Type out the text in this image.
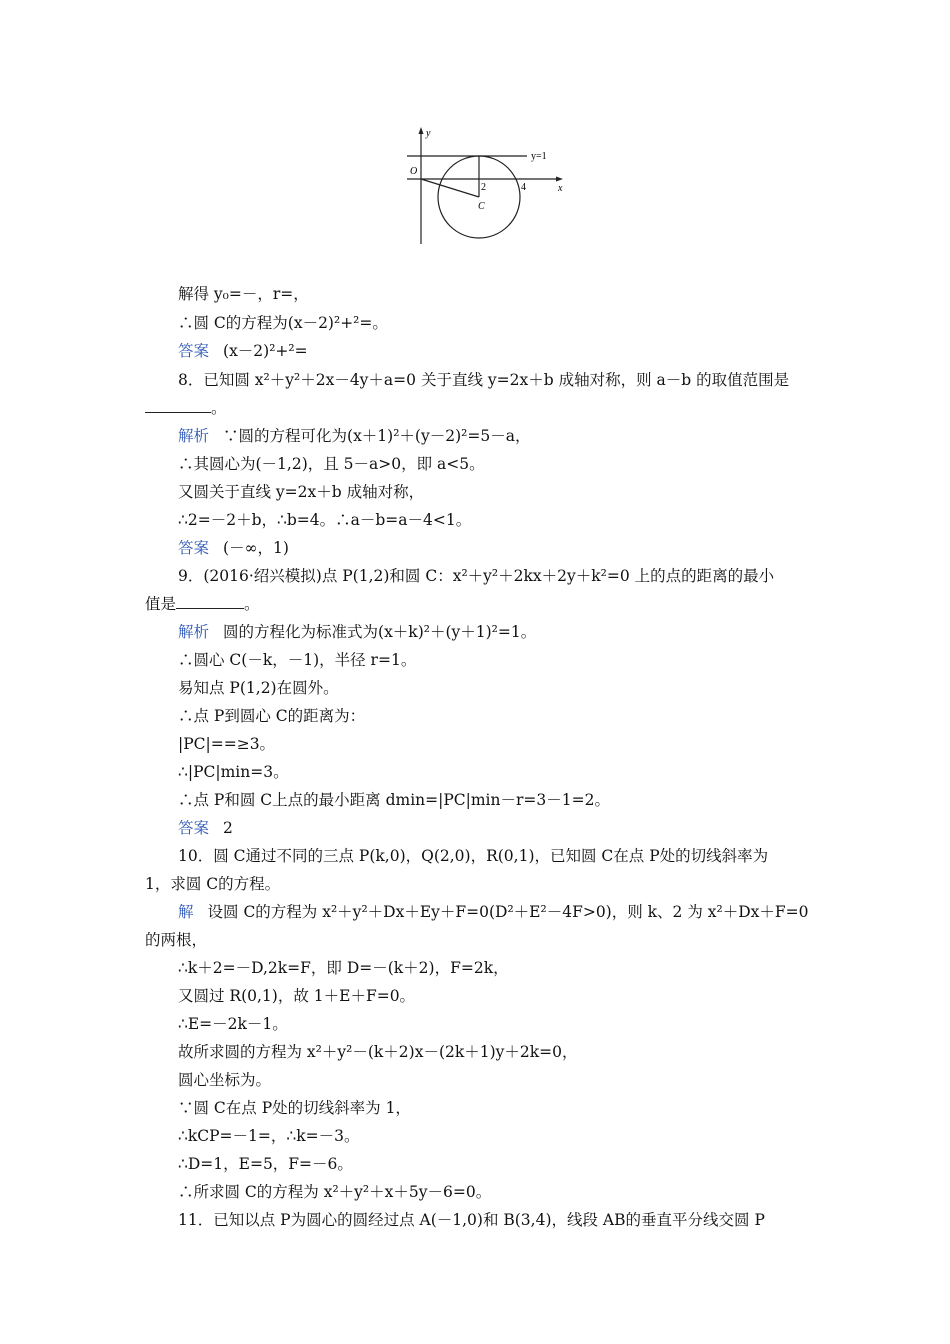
y
x
O
y=1
2	4
C
解得 y₀=－，r=，
∴圆 C的方程为(x－2)²+²=。
答案 (x－2)²+²=
8．已知圆 x²＋y²＋2x－4y＋a=0 关于直线 y=2x＋b 成轴对称，则 a－b 的取值范围是
。
解析 ∵圆的方程可化为(x＋1)²＋(y－2)²=5－a，
∴其圆心为(－1,2)，且 5－a>0，即 a<5。
又圆关于直线 y=2x＋b 成轴对称，
∴2=－2＋b，∴b=4。∴a－b=a－4<1。
答案 (－∞，1)
9．(2016·绍兴模拟)点 P(1,2)和圆 C：x²＋y²＋2kx＋2y＋k²=0 上的点的距离的最小
值是	。
解析 圆的方程化为标准式为(x＋k)²＋(y＋1)²=1。
∴圆心 C(－k，－1)，半径 r=1。
易知点 P(1,2)在圆外。
∴点 P到圆心 C的距离为：
|PC|==≥3。
∴|PC|min=3。
∴点 P和圆 C上点的最小距离 dmin=|PC|min－r=3－1=2。
答案 2
10．圆 C通过不同的三点 P(k,0)，Q(2,0)，R(0,1)，已知圆 C在点 P处的切线斜率为
1，求圆 C的方程。
解 设圆 C的方程为 x²＋y²＋Dx＋Ey＋F=0(D²＋E²－4F>0)，则 k、2 为 x²＋Dx＋F=0
的两根，
∴k＋2=－D,2k=F，即 D=－(k＋2)，F=2k，
又圆过 R(0,1)，故 1＋E＋F=0。
∴E=－2k－1。
故所求圆的方程为 x²＋y²－(k＋2)x－(2k＋1)y＋2k=0，
圆心坐标为。
∵圆 C在点 P处的切线斜率为 1，
∴kCP=－1=，∴k=－3。
∴D=1，E=5，F=－6。
∴所求圆 C的方程为 x²＋y²＋x＋5y－6=0。
11．已知以点 P为圆心的圆经过点 A(－1,0)和 B(3,4)，线段 AB的垂直平分线交圆 P
